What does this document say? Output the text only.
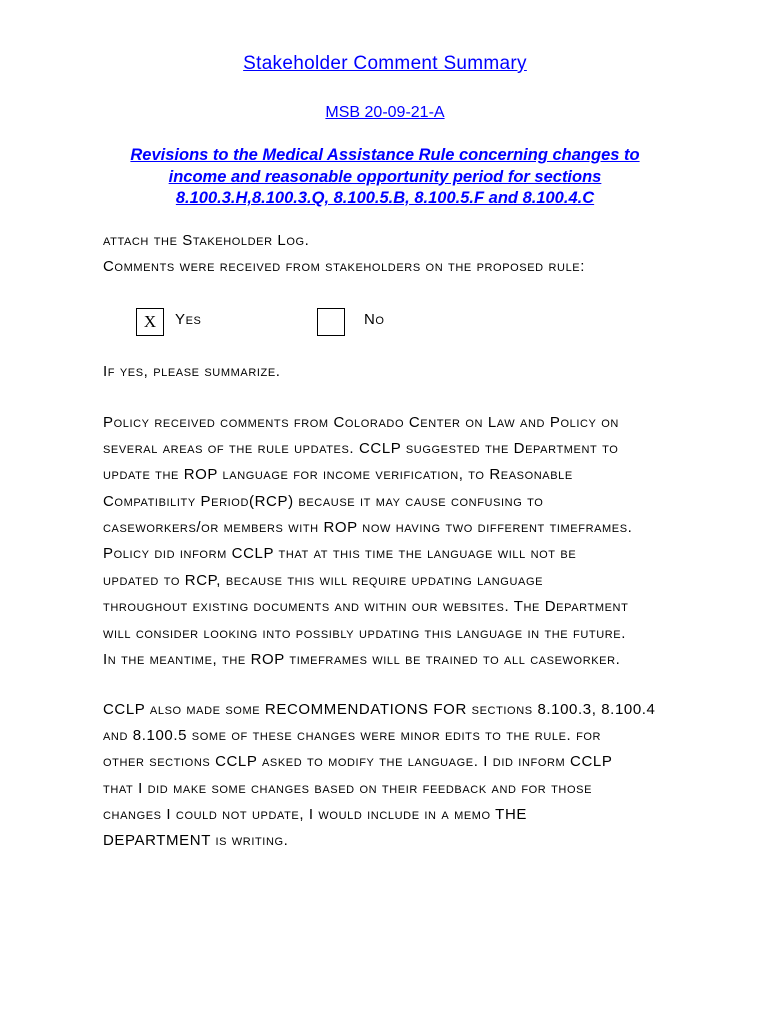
Stakeholder Comment Summary
MSB 20-09-21-A
Revisions to the Medical Assistance Rule concerning changes to
income and reasonable opportunity period for sections
8.100.3.H,8.100.3.Q, 8.100.5.B, 8.100.5.F and 8.100.4.C
attach the Stakeholder Log.
Comments were received from stakeholders on the proposed rule:
X	Yes	No
If yes, please summarize.
Policy received comments from Colorado Center on Law and Policy on
several areas of the rule updates. CCLP suggested the Department to
update the ROP language for income verification, to Reasonable
Compatibility Period(RCP) because it may cause confusing to
caseworkers/or members with ROP now having two different timeframes.
Policy did inform CCLP that at this time the language will not be
updated to RCP, because this will require updating language
throughout existing documents and within our websites. The Department
will consider looking into possibly updating this language in the future.
In the meantime, the ROP timeframes will be trained to all caseworker.
CCLP also made some RECOMMENDATIONS FOR sections 8.100.3, 8.100.4
and 8.100.5 some of these changes were minor edits to the rule. for
other sections CCLP asked to modify the language. I did inform CCLP
that I did make some changes based on their feedback and for those
changes I could not update, I would include in a memo THE
DEPARTMENT is writing.
